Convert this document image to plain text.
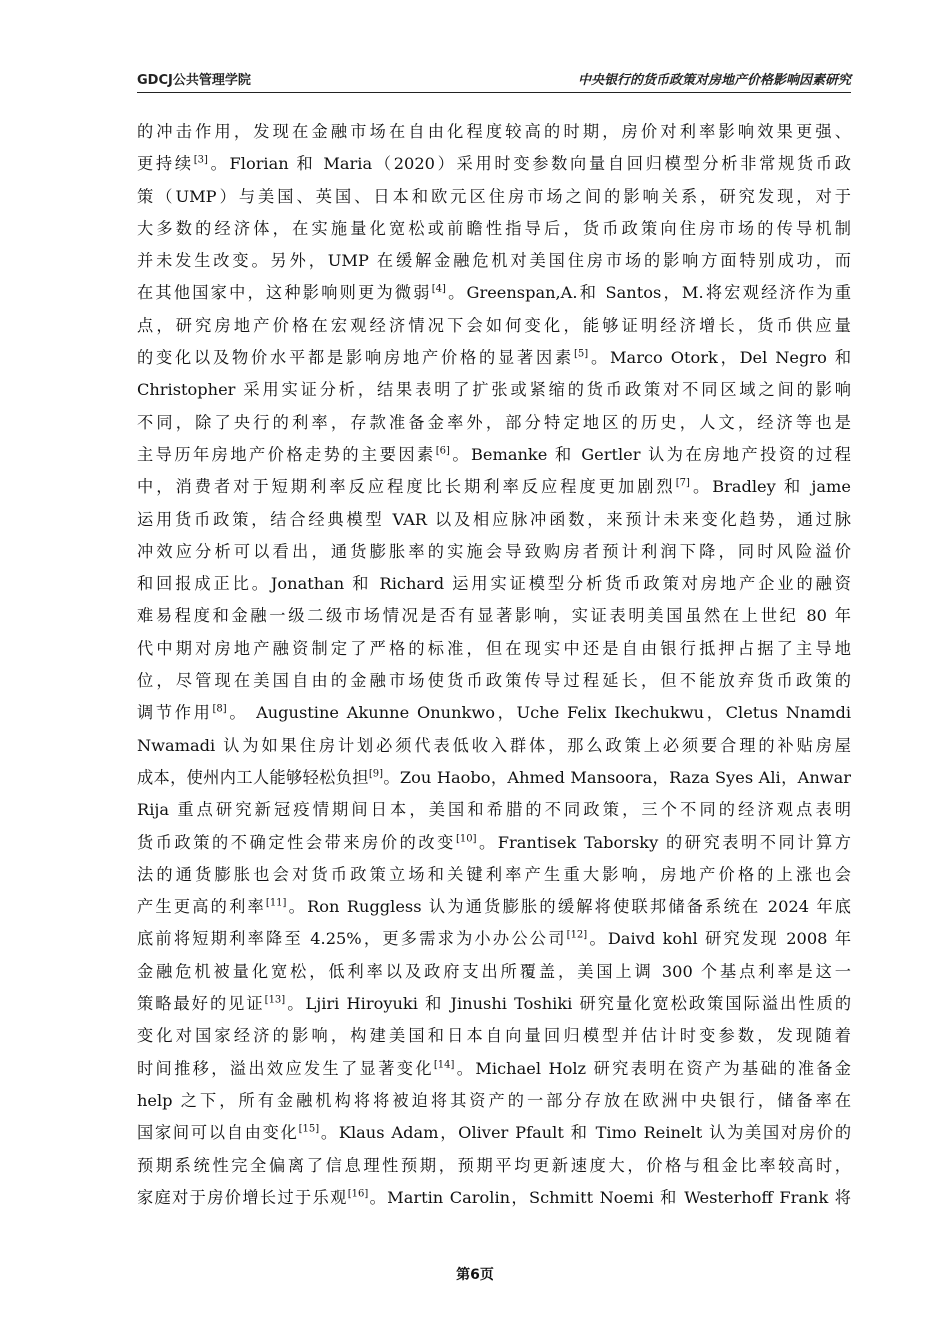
GDCJ公共管理学院	中央银行的货币政策对房地产价格影响因素研究
的冲击作用，发现在金融市场在自由化程度较高的时期，房价对利率影响效果更强、
更持续[3]。Florian 和 Maria（2020）采用时变参数向量自回归模型分析非常规货币政
策（UMP）与美国、英国、日本和欧元区住房市场之间的影响关系，研究发现，对于
大多数的经济体，在实施量化宽松或前瞻性指导后，货币政策向住房市场的传导机制
并未发生改变。另外，UMP 在缓解金融危机对美国住房市场的影响方面特别成功，而
在其他国家中，这种影响则更为微弱[4]。Greenspan,A.和 Santos，M.将宏观经济作为重
点，研究房地产价格在宏观经济情况下会如何变化，能够证明经济增长，货币供应量
的变化以及物价水平都是影响房地产价格的显著因素[5]。Marco Otork，Del Negro 和
Christopher 采用实证分析，结果表明了扩张或紧缩的货币政策对不同区域之间的影响
不同，除了央行的利率，存款准备金率外，部分特定地区的历史，人文，经济等也是
主导历年房地产价格走势的主要因素[6]。Bemanke 和 Gertler 认为在房地产投资的过程
中，消费者对于短期利率反应程度比长期利率反应程度更加剧烈[7]。Bradley 和 jame
运用货币政策，结合经典模型 VAR 以及相应脉冲函数，来预计未来变化趋势，通过脉
冲效应分析可以看出，通货膨胀率的实施会导致购房者预计利润下降，同时风险溢价
和回报成正比。Jonathan 和 Richard 运用实证模型分析货币政策对房地产企业的融资
难易程度和金融一级二级市场情况是否有显著影响，实证表明美国虽然在上世纪 80 年
代中期对房地产融资制定了严格的标准，但在现实中还是自由银行抵押占据了主导地
位，尽管现在美国自由的金融市场使货币政策传导过程延长，但不能放弃货币政策的
调节作用[8]。 Augustine Akunne Onunkwo，Uche Felix Ikechukwu，Cletus Nnamdi
Nwamadi 认为如果住房计划必须代表低收入群体，那么政策上必须要合理的补贴房屋
成本，使州内工人能够轻松负担[9]。Zou Haobo，Ahmed Mansoora，Raza Syes Ali，Anwar
Rija 重点研究新冠疫情期间日本，美国和希腊的不同政策，三个不同的经济观点表明
货币政策的不确定性会带来房价的改变[10]。Frantisek Taborsky 的研究表明不同计算方
法的通货膨胀也会对货币政策立场和关键利率产生重大影响，房地产价格的上涨也会
产生更高的利率[11]。Ron Ruggless 认为通货膨胀的缓解将使联邦储备系统在 2024 年底
底前将短期利率降至 4.25%，更多需求为小办公公司[12]。Daivd kohl 研究发现 2008 年
金融危机被量化宽松，低利率以及政府支出所覆盖，美国上调 300 个基点利率是这一
策略最好的见证[13]。Ljiri Hiroyuki 和 Jinushi Toshiki 研究量化宽松政策国际溢出性质的
变化对国家经济的影响，构建美国和日本自向量回归模型并估计时变参数，发现随着
时间推移，溢出效应发生了显著变化[14]。Michael Holz 研究表明在资产为基础的准备金
help 之下，所有金融机构将将被迫将其资产的一部分存放在欧洲中央银行，储备率在
国家间可以自由变化[15]。Klaus Adam，Oliver Pfault 和 Timo Reinelt 认为美国对房价的
预期系统性完全偏离了信息理性预期，预期平均更新速度大，价格与租金比率较高时，
家庭对于房价增长过于乐观[16]。Martin Carolin，Schmitt Noemi 和 Westerhoff Frank 将
第6页
